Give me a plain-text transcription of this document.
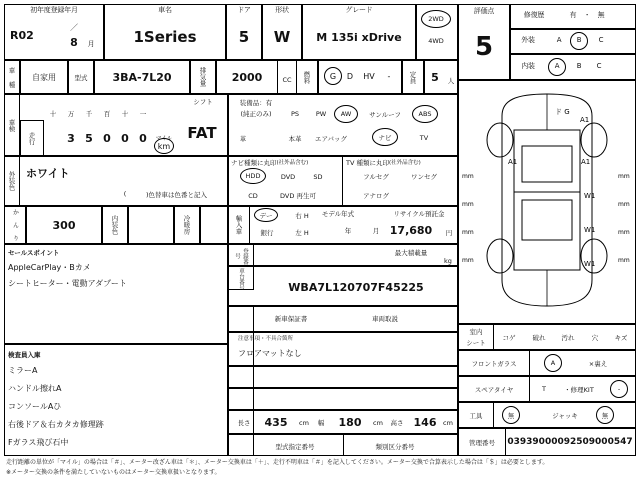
初年度登録年月
R02
／
8	月
車名
1Series
ドア
5
形状
W
グレード
M 135i xDrive
2WD
4WD
評価点
5
修復歴	有	・	無
外装	A	B	C
内装	A	B	C
車 種	自家用	型式	3BA-7L20	排気量	2000	CC	燃料	G	D	HV	-	定員	5	人
装備品： 有
(純正のみ)	PS	PW	AW	サンルーフ	ABS
革	本革	エアバッグ	ナビ	TV
ナビ種類に丸印 (社外品含む)
HDD	DVD	SD
CD	DVD 再生可
TV 種類に丸印 (社外品含む)
フルセグ	ワンセグ
アナログ
シフト
FAT
車検
十	万	千	百	十	一
走行	3 5 0 0 0	マイル
km
外装色 ホワイト
(	)色替車は色番と記入
か ん り	300	内装色	冷暖房
セールスポイント
AppleCarPlay・Bカメ
シートヒーター・電動アダプート
検査員入庫
ミラーA
ハンドル擦れA
コンソールAひ
右後ドア＆右カタカ修理跡
Fガラス飛び石中
輸入車	デー	右 H
銀行	左 H
モデル年式
年	月
リサイクル預託金
17,680	円
最大積載量
kg
登録番号
車台番号	WBA7L120707F45225
新車保証書	車両取説
注意事項・不具合箇所
フロアマットなし
長さ	435	cm	幅	180	cm	高さ 146	cm
型式指定番号	類別区分番号
ド G
A1
A1	A1
W1
W1
W1
mm
mm
mm
mm
mm
mm
mm
mm
室内
シート
コゲ	破れ	汚れ	穴	キズ
フロントガラス	A	×裏え
スペアタイヤ	T	・修理KIT	-
工具	無	ジャッキ	無
管理番号	03939000092509000547
走行距離の単位が「マイル」の場合は「＃」、メーター改ざん車は「＊」、メーター交換車は「＋」、走行不明車は「＃」を記入してください。メーター交換で合算表示した場合は「＄」は必要とします。
※メーター交換の条件を満たしていないものはメーター交換車扱いとなります。
